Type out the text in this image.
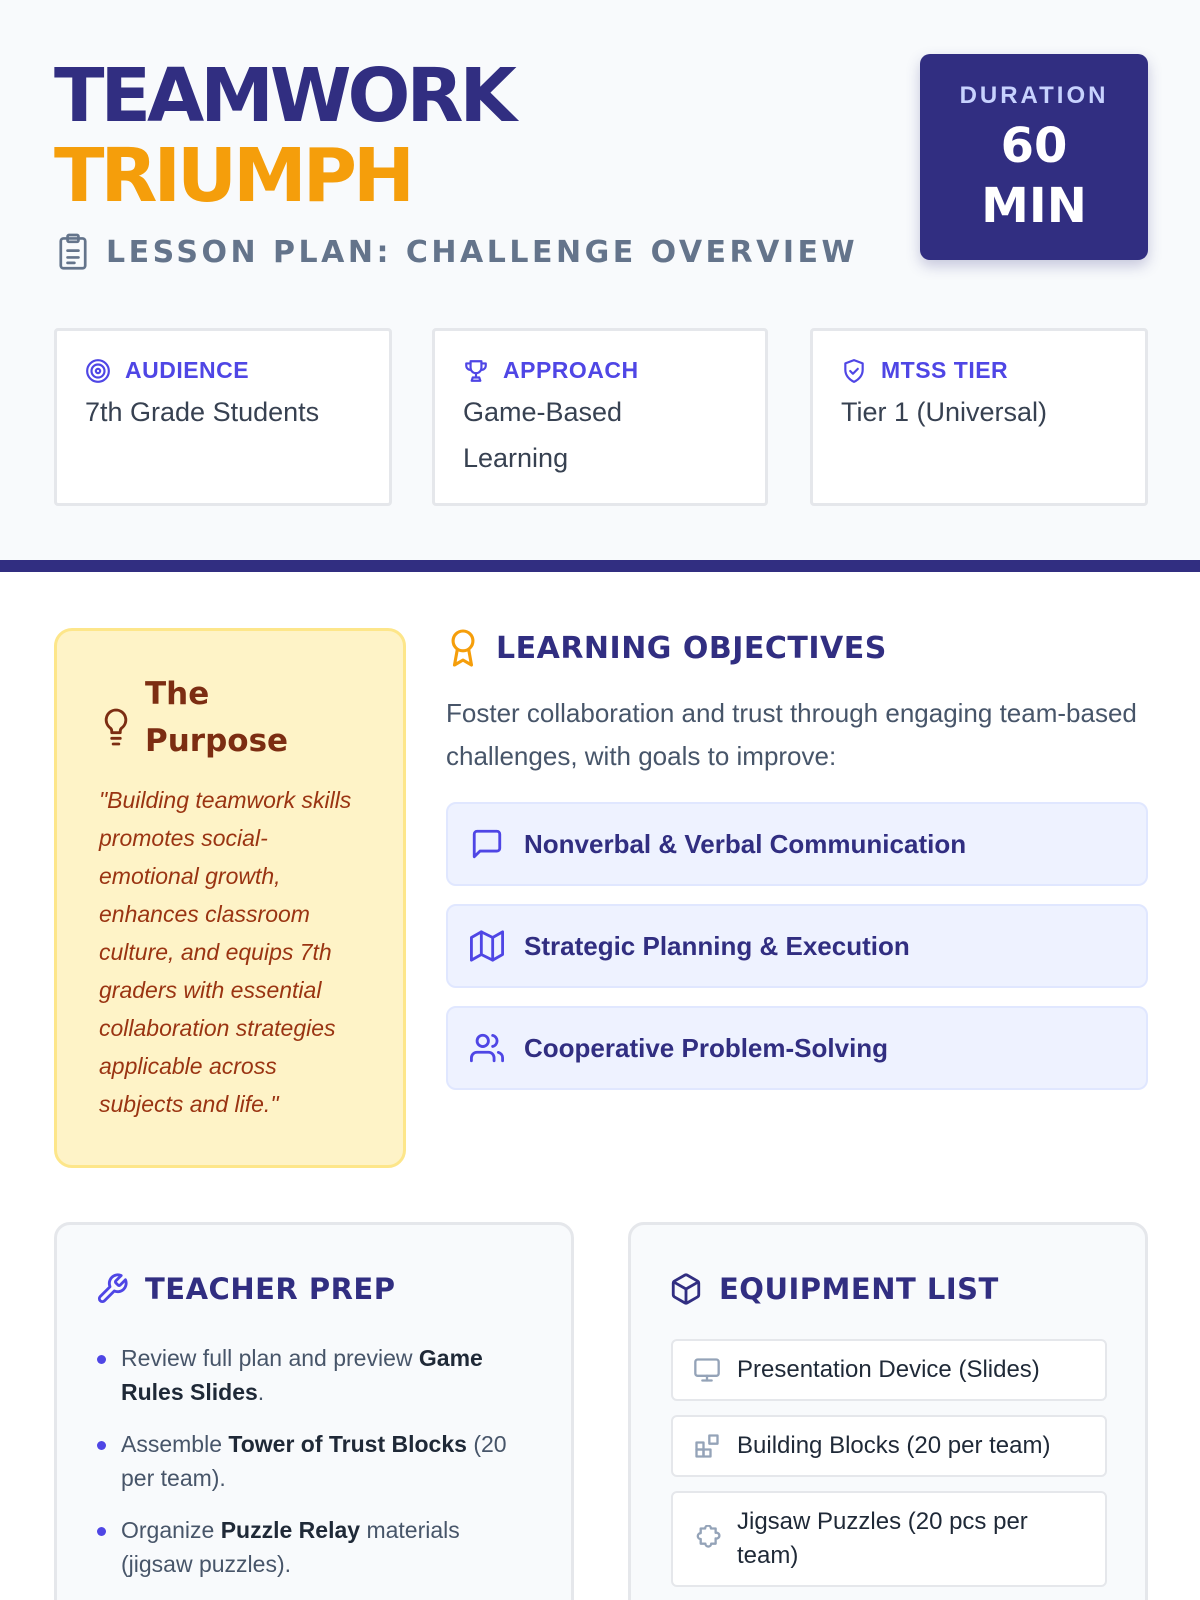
TEAMWORK
TRIUMPH
LESSON PLAN: CHALLENGE OVERVIEW
DURATION
60
MIN
AUDIENCE
7th Grade Students
APPROACH
Game-Based
Learning
MTSS TIER
Tier 1 (Universal)
The
Purpose

"Building teamwork skills promotes social-emotional growth, enhances classroom culture, and equips 7th graders with essential collaboration strategies applicable across subjects and life."

LEARNING OBJECTIVES

Foster collaboration and trust through engaging team-based challenges, with goals to improve:

Nonverbal & Verbal Communication
Strategic Planning & Execution
Cooperative Problem-Solving
TEACHER PREP
Review full plan and preview Game Rules Slides.
Assemble Tower of Trust Blocks (20 per team).
Organize Puzzle Relay materials (jigsaw puzzles).
EQUIPMENT LIST
Presentation Device (Slides)
Building Blocks (20 per team)
Jigsaw Puzzles (20 pcs per team)
